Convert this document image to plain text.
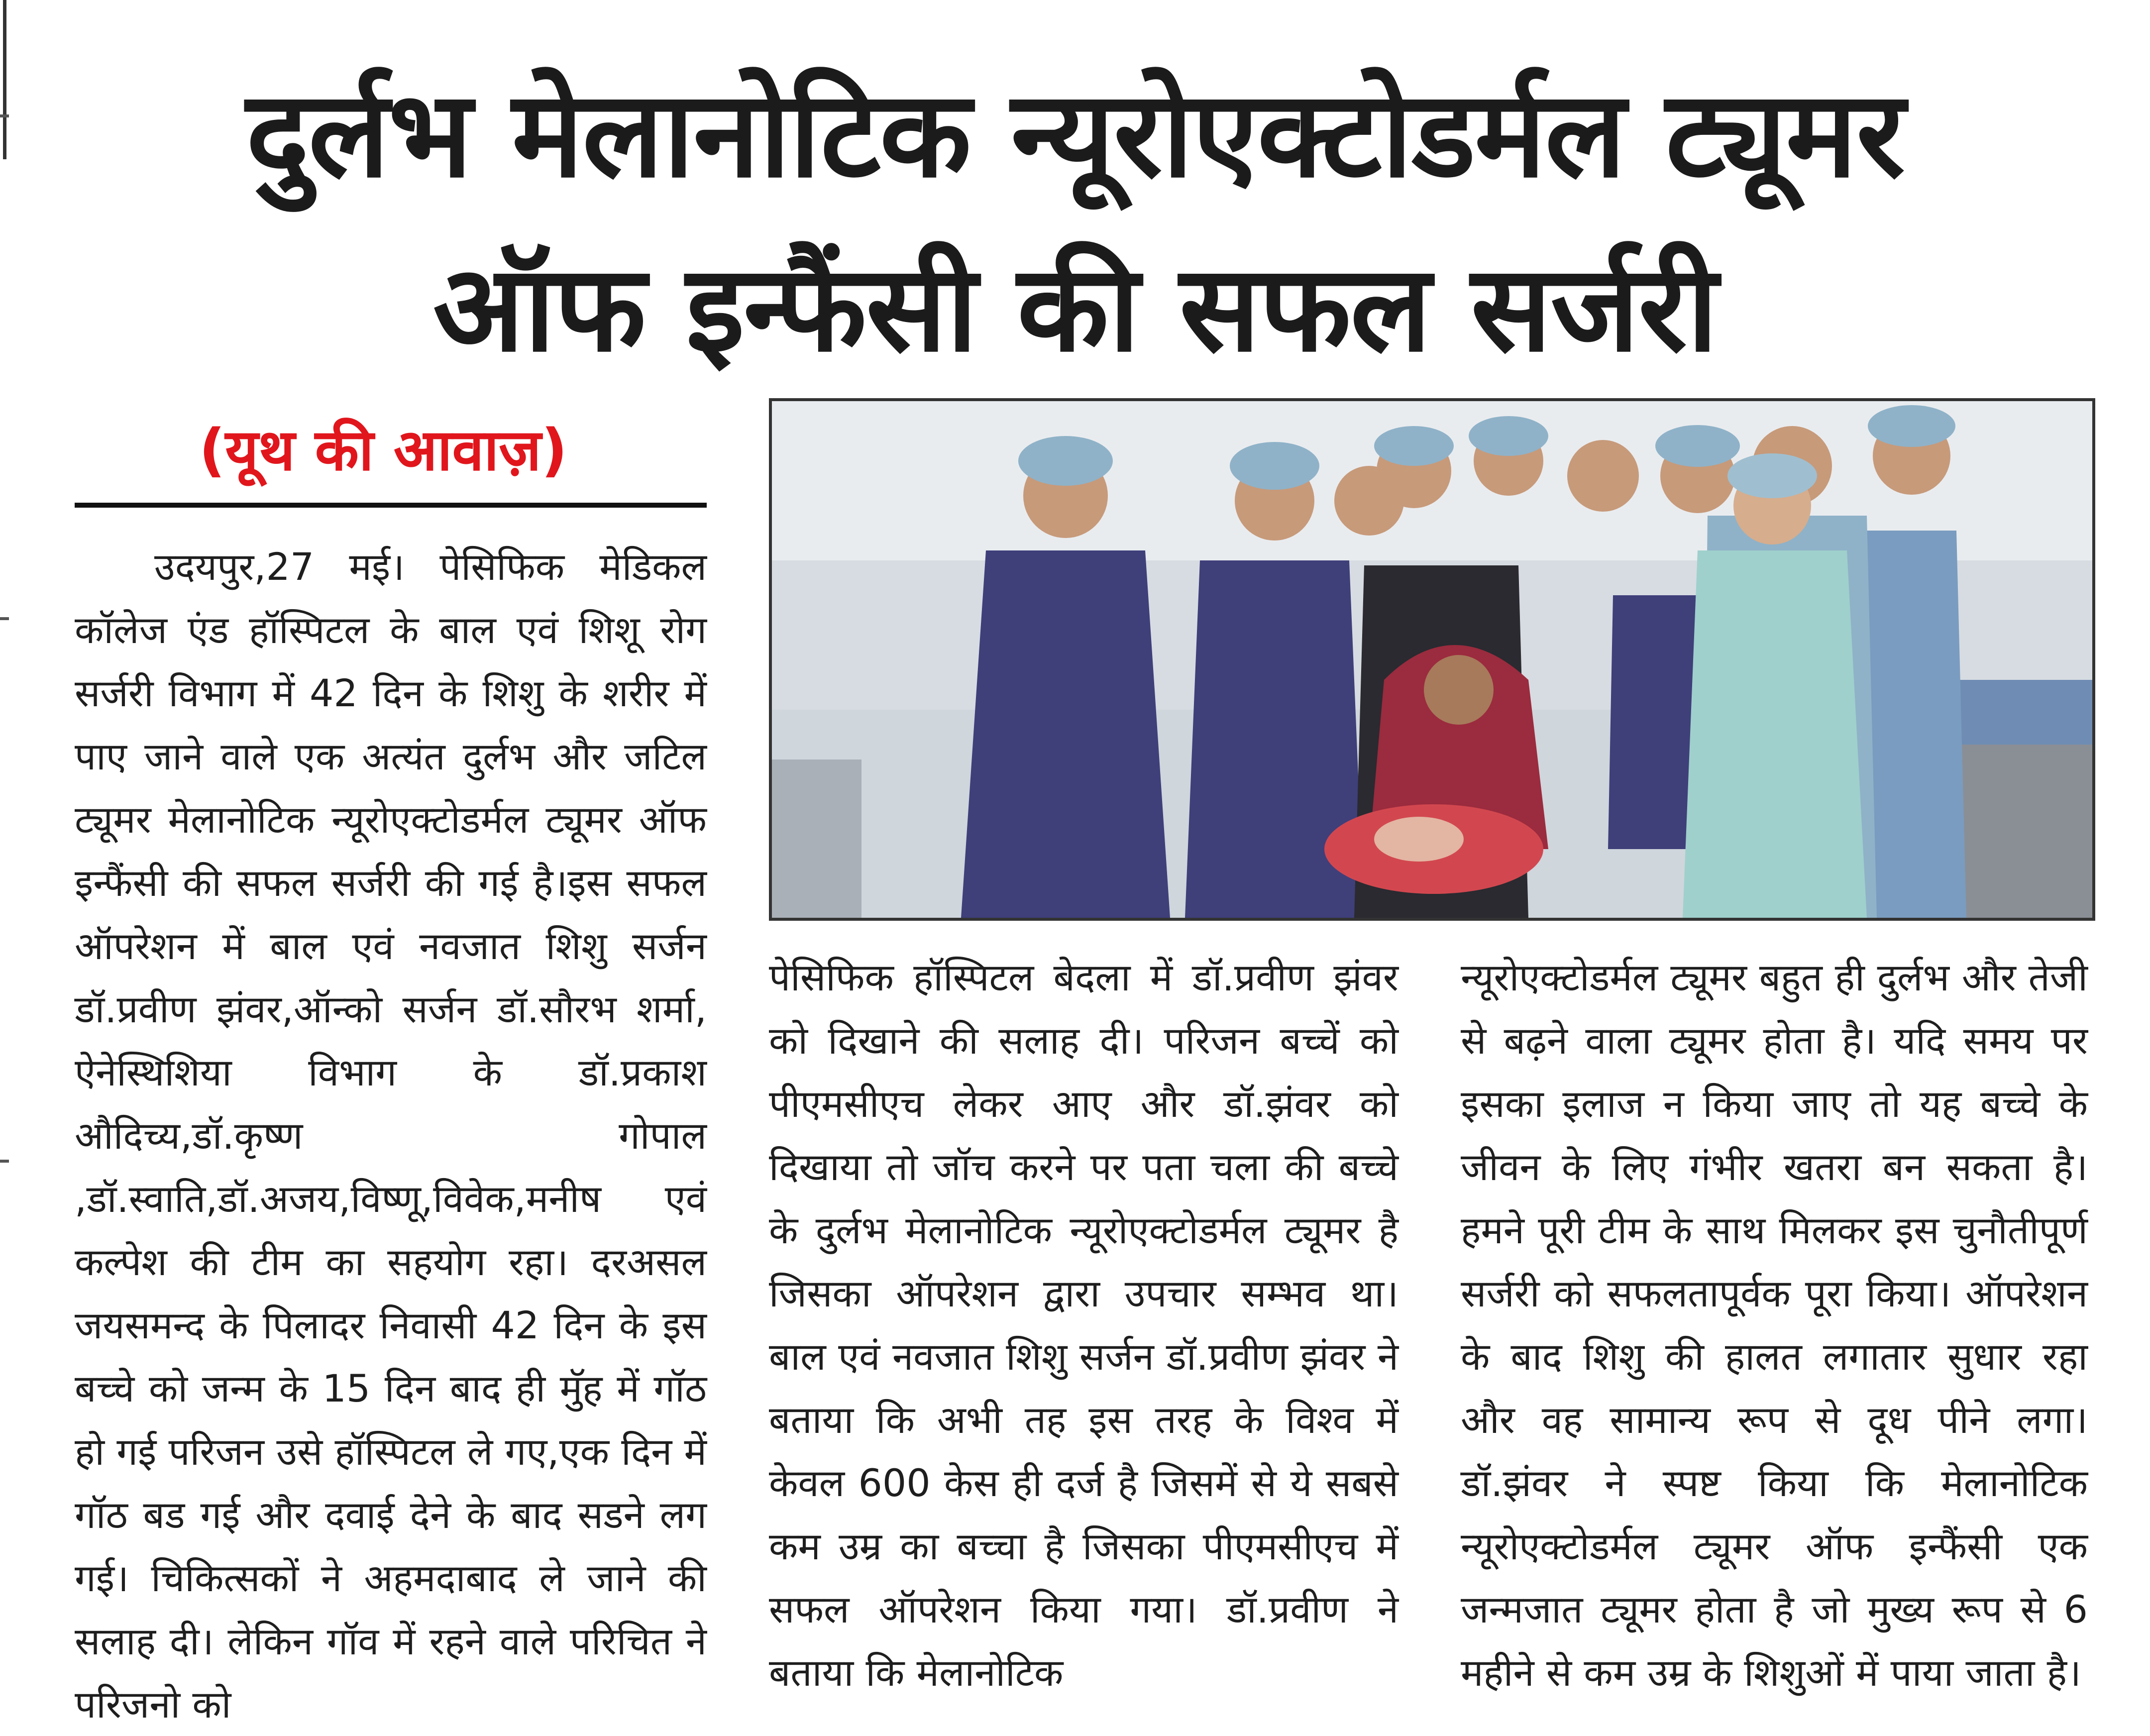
दुर्लभ मेलानोटिक न्यूरोएक्टोडर्मल ट्यूमर
ऑफ इन्फैंसी की सफल सर्जरी
(यूथ की आवाज़)

उदयपुर,27 मई। पेसिफिक मेडिकल कॉलेज एंड हॉस्पिटल के बाल एवं शिशू रोग सर्जरी विभाग में 42 दिन के शिशु के शरीर में पाए जाने वाले एक अत्यंत दुर्लभ और जटिल ट्यूमर मेलानोटिक न्यूरोएक्टोडर्मल ट्यूमर ऑफ इन्फैंसी की सफल सर्जरी की गई है।इस सफल ऑपरेशन में बाल एवं नवजात शिशु सर्जन डॉ.प्रवीण झंवर,ऑन्को सर्जन डॉ.सौरभ शर्मा, ऐनेस्थिशिया विभाग के डॉ.प्रकाश औदिच्य,डॉ.कृष्ण गोपाल ,डॉ.स्वाति,डॉ.अजय,विष्णू,विवेक,मनीष एवं कल्पेश की टीम का सहयोग रहा। दरअसल जयसमन्द के पिलादर निवासी 42 दिन के इस बच्चे को जन्म के 15 दिन बाद ही मुॅह में गॉठ हो गई परिजन उसे हॉस्पिटल ले गए,एक दिन में गॉठ बड गई और दवाई देने के बाद सडने लग गई। चिकित्सकों ने अहमदाबाद ले जाने की सलाह दी। लेकिन गॉव में रहने वाले परिचित ने परिजनो को

पेसिफिक हॉस्पिटल बेदला में डॉ.प्रवीण झंवर को दिखाने की सलाह दी। परिजन बच्चें को पीएमसीएच लेकर आए और डॉ.झंवर को दिखाया तो जॉच करने पर पता चला की बच्चे के दुर्लभ मेलानोटिक न्यूरोएक्टोडर्मल ट्यूमर है जिसका ऑपरेशन द्वारा उपचार सम्भव था। बाल एवं नवजात शिशु सर्जन डॉ.प्रवीण झंवर ने बताया कि अभी तह इस तरह के विश्व में केवल 600 केस ही दर्ज है जिसमें से ये सबसे कम उम्र का बच्चा है जिसका पीएमसीएच में सफल ऑपरेशन किया गया। डॉ.प्रवीण ने बताया कि मेलानोटिक

न्यूरोएक्टोडर्मल ट्यूमर बहुत ही दुर्लभ और तेजी से बढ़ने वाला ट्यूमर होता है। यदि समय पर इसका इलाज न किया जाए तो यह बच्चे के जीवन के लिए गंभीर खतरा बन सकता है। हमने पूरी टीम के साथ मिलकर इस चुनौतीपूर्ण सर्जरी को सफलतापूर्वक पूरा किया। ऑपरेशन के बाद शिशु की हालत लगातार सुधार रहा और वह सामान्य रूप से दूध पीने लगा। डॉ.झंवर ने स्पष्ट किया कि मेलानोटिक न्यूरोएक्टोडर्मल ट्यूमर ऑफ इन्फैंसी एक जन्मजात ट्यूमर होता है जो मुख्य रूप से 6 महीने से कम उम्र के शिशुओं में पाया जाता है।
